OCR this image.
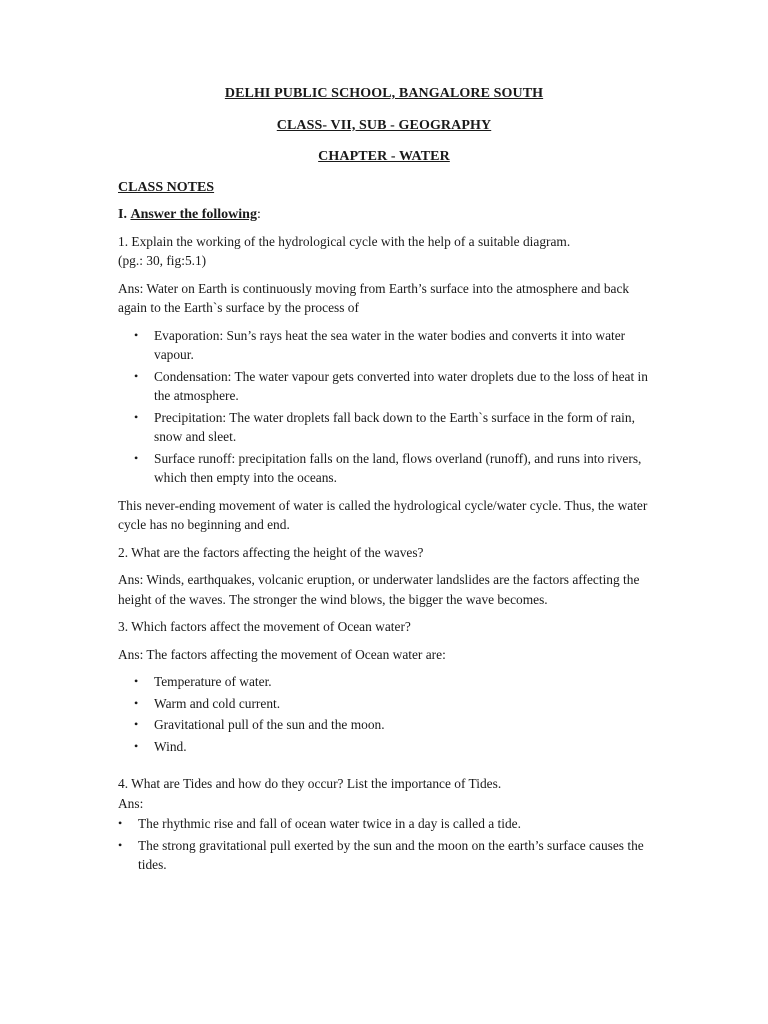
DELHI PUBLIC SCHOOL, BANGALORE SOUTH

CLASS- VII, SUB - GEOGRAPHY

CHAPTER - WATER

CLASS NOTES

I. Answer the following:

1. Explain the working of the hydrological cycle with the help of a suitable diagram.
(pg.: 30, fig:5.1)

Ans: Water on Earth is continuously moving from Earth’s surface into the atmosphere and back again to the Earth`s surface by the process of

• Evaporation: Sun’s rays heat the sea water in the water bodies and converts it into water vapour.
• Condensation: The water vapour gets converted into water droplets due to the loss of heat in the atmosphere.
• Precipitation: The water droplets fall back down to the Earth`s surface in the form of rain, snow and sleet.
• Surface runoff: precipitation falls on the land, flows overland (runoff), and runs into rivers, which then empty into the oceans.

This never-ending movement of water is called the hydrological cycle/water cycle. Thus, the water cycle has no beginning and end.

2. What are the factors affecting the height of the waves?

Ans: Winds, earthquakes, volcanic eruption, or underwater landslides are the factors affecting the height of the waves. The stronger the wind blows, the bigger the wave becomes.

3. Which factors affect the movement of Ocean water?

Ans: The factors affecting the movement of Ocean water are:

• Temperature of water.
• Warm and cold current.
• Gravitational pull of the sun and the moon.
• Wind.

4. What are Tides and how do they occur? List the importance of Tides.

Ans:

• The rhythmic rise and fall of ocean water twice in a day is called a tide.
• The strong gravitational pull exerted by the sun and the moon on the earth’s surface causes the tides.
